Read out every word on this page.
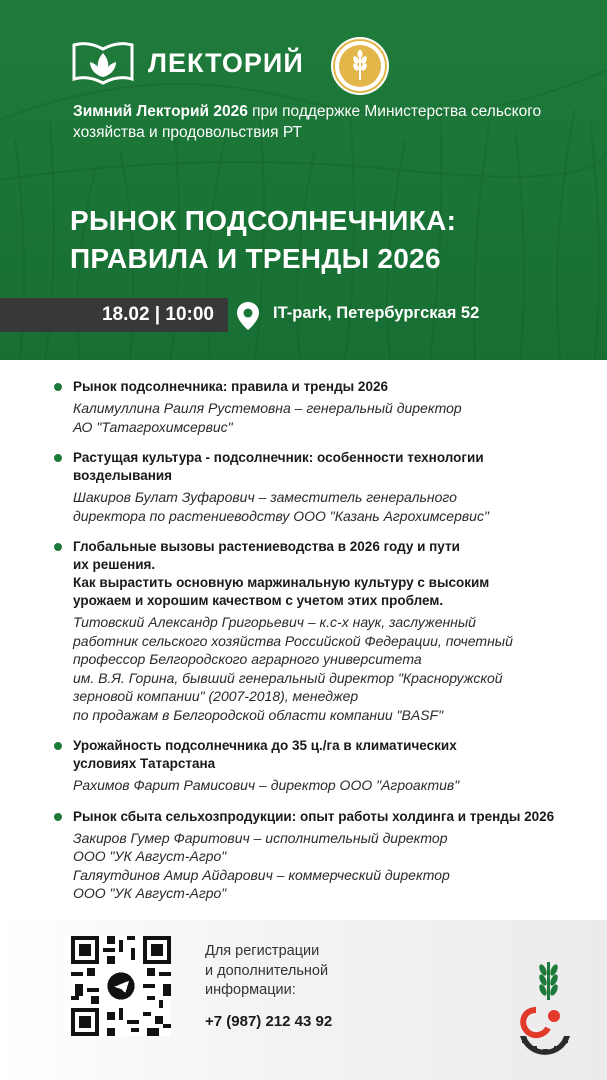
ЛЕКТОРИЙ
Зимний Лекторий 2026 при поддержке Министерства сельского хозяйства и продовольствия РТ
РЫНОК ПОДСОЛНЕЧНИКА:
ПРАВИЛА И ТРЕНДЫ 2026
18.02 | 10:00	IT-park, Петербургская 52
Рынок подсолнечника: правила и тренды 2026
Калимуллина Раиля Рустемовна – генеральный директор
АО "Татагрохимсервис"
Растущая культура - подсолнечник: особенности технологии
возделывания
Шакиров Булат Зуфарович – заместитель генерального
директора по растениеводству ООО "Казань Агрохимсервис"
Глобальные вызовы растениеводства в 2026 году и пути
их решения.
Как вырастить основную маржинальную культуру с высоким
урожаем и хорошим качеством с учетом этих проблем.
Титовский Александр Григорьевич – к.с-х наук, заслуженный
работник сельского хозяйства Российской Федерации, почетный
профессор Белгородского аграрного университета
им. В.Я. Горина, бывший генеральный директор "Красноружской
зерновой компании" (2007-2018), менеджер
по продажам в Белгородской области компании "BASF"
Урожайность подсолнечника до 35 ц./га в климатических
условиях Татарстана
Рахимов Фарит Рамисович – директор ООО "Агроактив"
Рынок сбыта сельхозпродукции: опыт работы холдинга и тренды 2026
Закиров Гумер Фаритович – исполнительный директор
ООО "УК Август-Агро"
Галяутдинов Амир Айдарович – коммерческий директор
ООО "УК Август-Агро"
Для регистрации
и дополнительной
информации:
+7 (987) 212 43 92
